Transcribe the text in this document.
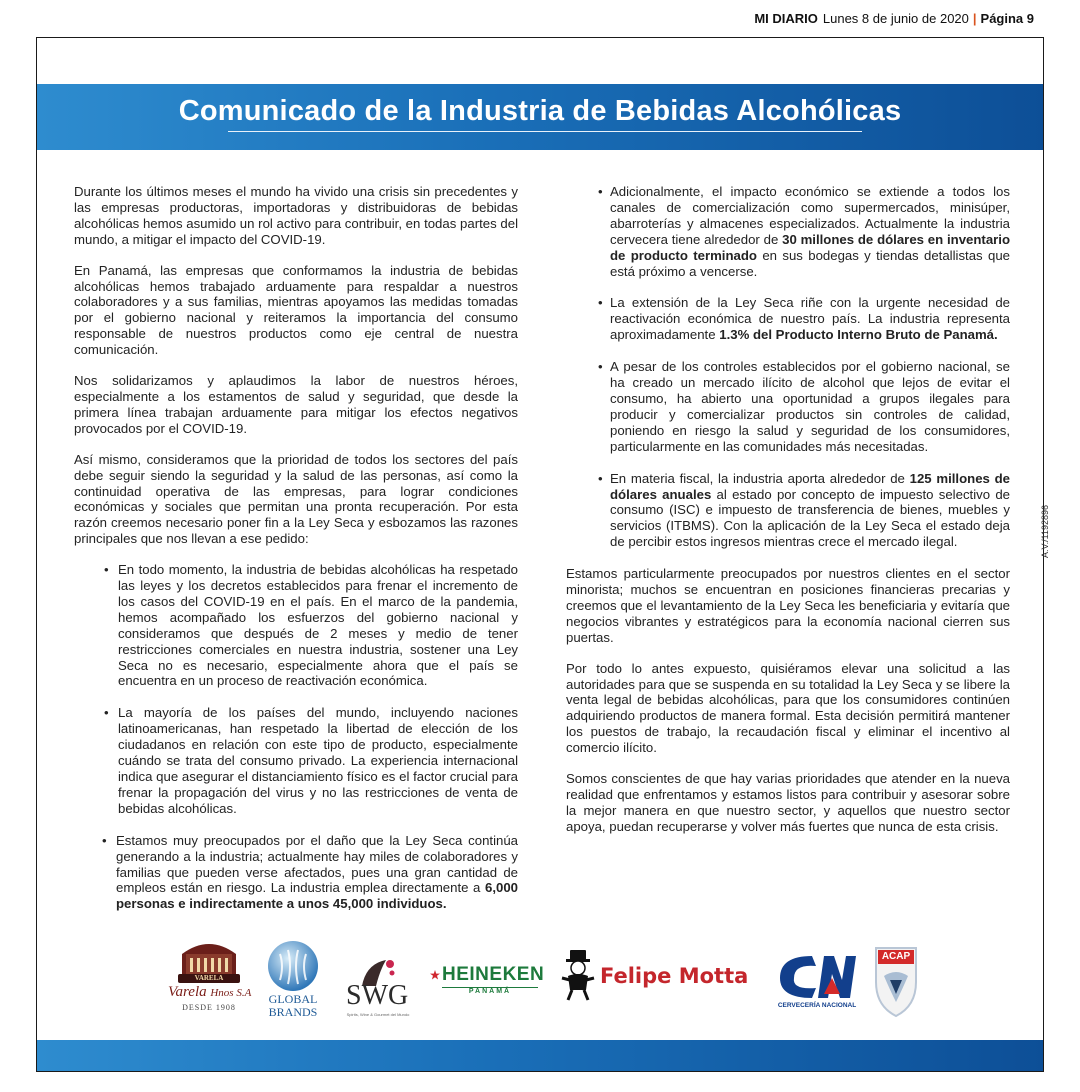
MI DIARIO Lunes 8 de junio de 2020 | Página 9
Comunicado de la Industria de Bebidas Alcohólicas

Durante los últimos meses el mundo ha vivido una crisis sin precedentes y las empresas productoras, importadoras y distribuidoras de bebidas alcohólicas hemos asumido un rol activo para contribuir, en todas partes del mundo, a mitigar el impacto del COVID-19.

En Panamá, las empresas que conformamos la industria de bebidas alcohólicas hemos trabajado arduamente para respaldar a nuestros colaboradores y a sus familias, mientras apoyamos las medidas tomadas por el gobierno nacional y reiteramos la importancia del consumo responsable de nuestros productos como eje central de nuestra comunicación.

Nos solidarizamos y aplaudimos la labor de nuestros héroes, especialmente a los estamentos de salud y seguridad, que desde la primera línea trabajan arduamente para mitigar los efectos negativos provocados por el COVID-19.

Así mismo, consideramos que la prioridad de todos los sectores del país debe seguir siendo la seguridad y la salud de las personas, así como la continuidad operativa de las empresas, para lograr condiciones económicas y sociales que permitan una pronta recuperación. Por esta razón creemos necesario poner fin a la Ley Seca y esbozamos las razones principales que nos llevan a ese pedido:

• En todo momento, la industria de bebidas alcohólicas ha respetado las leyes y los decretos establecidos para frenar el incremento de los casos del COVID-19 en el país. En el marco de la pandemia, hemos acompañado los esfuerzos del gobierno nacional y consideramos que después de 2 meses y medio de tener restricciones comerciales en nuestra industria, sostener una Ley Seca no es necesario, especialmente ahora que el país se encuentra en un proceso de reactivación económica.
• La mayoría de los países del mundo, incluyendo naciones latinoamericanas, han respetado la libertad de elección de los ciudadanos en relación con este tipo de producto, especialmente cuándo se trata del consumo privado. La experiencia internacional indica que asegurar el distanciamiento físico es el factor crucial para frenar la propagación del virus y no las restricciones de venta de bebidas alcohólicas.
• Estamos muy preocupados por el daño que la Ley Seca continúa generando a la industria; actualmente hay miles de colaboradores y familias que pueden verse afectados, pues una gran cantidad de empleos están en riesgo. La industria emplea directamente a 6,000 personas e indirectamente a unos 45,000 individuos.
• Adicionalmente, el impacto económico se extiende a todos los canales de comercialización como supermercados, minisúper, abarroterías y almacenes especializados. Actualmente la industria cervecera tiene alrededor de 30 millones de dólares en inventario de producto terminado en sus bodegas y tiendas detallistas que está próximo a vencerse.
• La extensión de la Ley Seca riñe con la urgente necesidad de reactivación económica de nuestro país. La industria representa aproximadamente 1.3% del Producto Interno Bruto de Panamá.
• A pesar de los controles establecidos por el gobierno nacional, se ha creado un mercado ilícito de alcohol que lejos de evitar el consumo, ha abierto una oportunidad a grupos ilegales para producir y comercializar productos sin controles de calidad, poniendo en riesgo la salud y seguridad de los consumidores, particularmente en las comunidades más necesitadas.
• En materia fiscal, la industria aporta alrededor de 125 millones de dólares anuales al estado por concepto de impuesto selectivo de consumo (ISC) e impuesto de transferencia de bienes, muebles y servicios (ITBMS). Con la aplicación de la Ley Seca el estado deja de percibir estos ingresos mientras crece el mercado ilegal.

Estamos particularmente preocupados por nuestros clientes en el sector minorista; muchos se encuentran en posiciones financieras precarias y creemos que el levantamiento de la Ley Seca les beneficiaria y evitaría que negocios vibrantes y estratégicos para la economía nacional cierren sus puertas.

Por todo lo antes expuesto, quisiéramos elevar una solicitud a las autoridades para que se suspenda en su totalidad la Ley Seca y se libere la venta legal de bebidas alcohólicas, para que los consumidores continúen adquiriendo productos de manera formal. Esta decisión permitirá mantener los puestos de trabajo, la recaudación fiscal y eliminar el incentivo al comercio ilícito.

Somos conscientes de que hay varias prioridades que atender en la nueva realidad que enfrentamos y estamos listos para contribuir y asesorar sobre la mejor manera en que nuestro sector, y aquellos que nuestro sector apoya, puedan recuperarse y volver más fuertes que nunca de esta crisis.

A.V./1192896
VARELA
Varela Hnos S.A
DESDE 1908
GLOBAL
BRANDS
SWG
Spirits, Wine & Gourmet del Mundo
HEINEKEN
PANAMÁ
Felipe Motta
CERVECERÍA NACIONAL
ACAP
